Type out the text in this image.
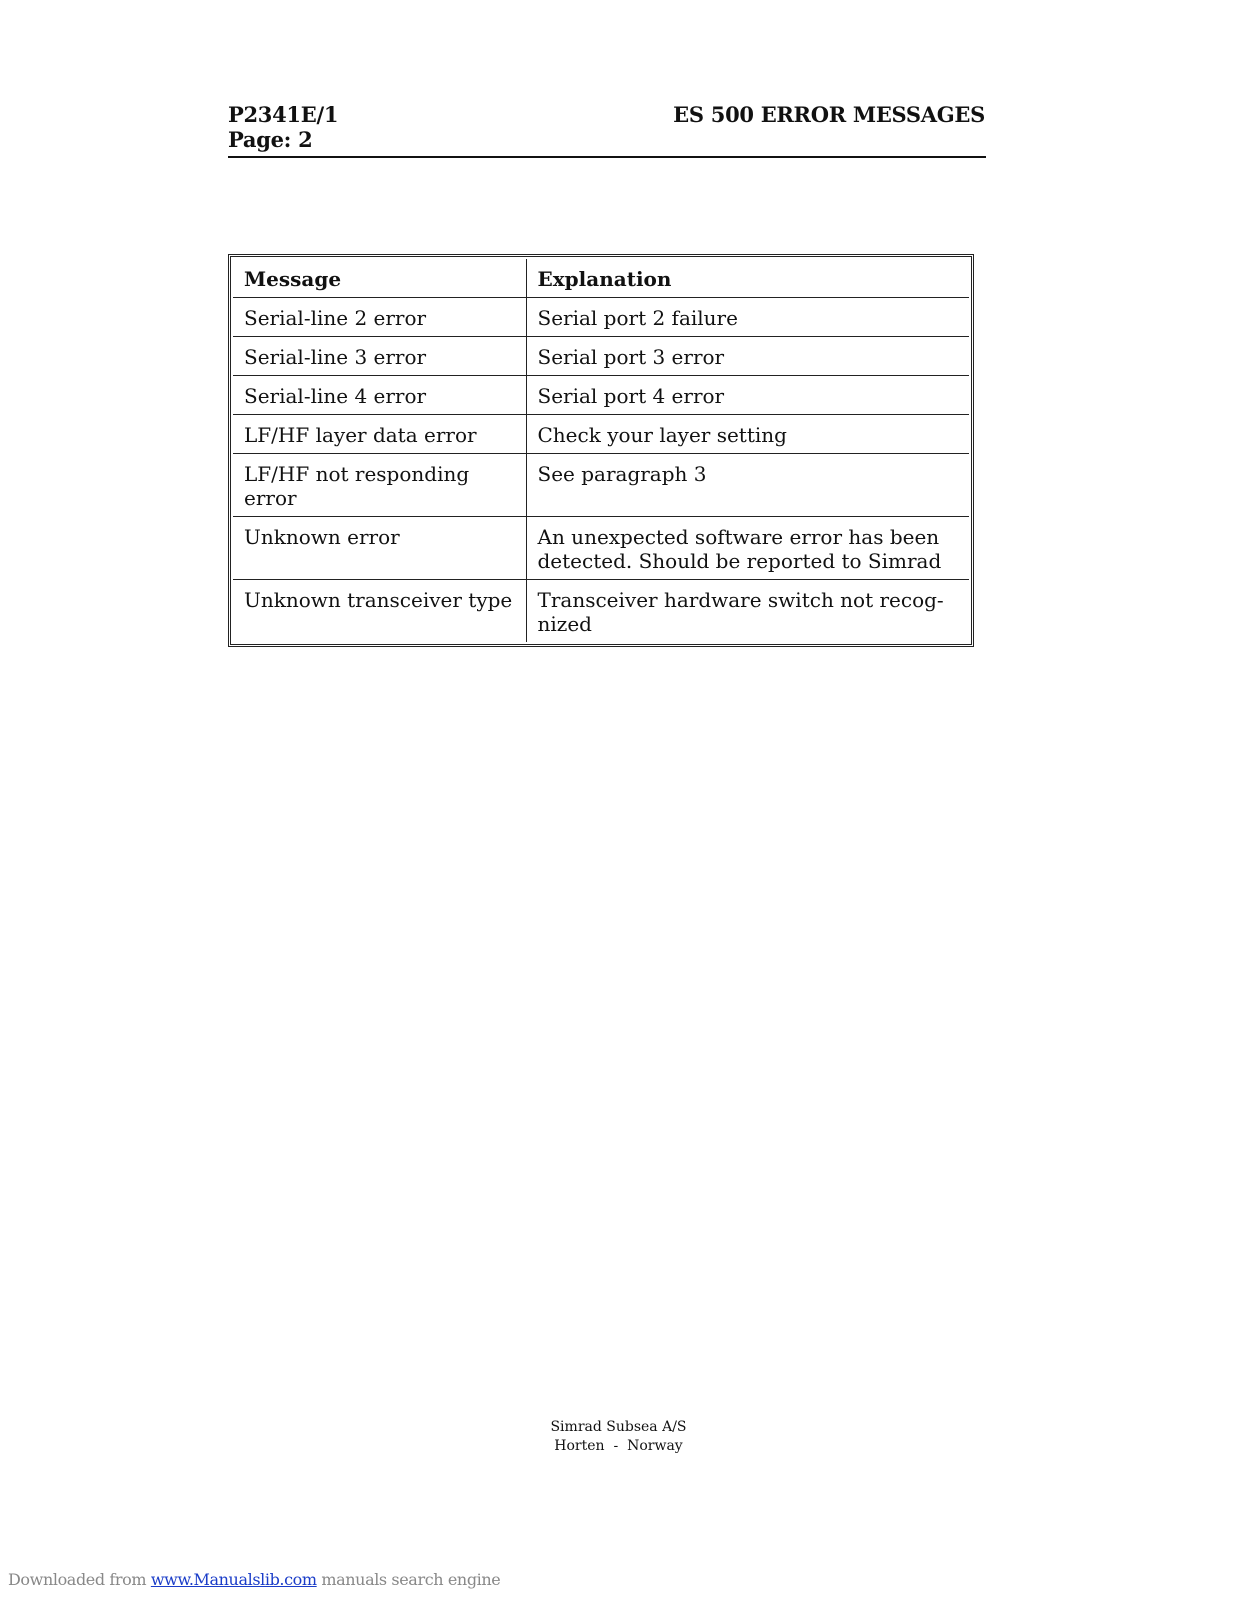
P2341E/1
Page: 2
ES 500 ERROR MESSAGES
Message	Explanation
Serial-line 2 error	Serial port 2 failure
Serial-line 3 error	Serial port 3 error
Serial-line 4 error	Serial port 4 error
LF/HF layer data error	Check your layer setting
LF/HF not responding error	See paragraph 3
Unknown error	An unexpected software error has been detected. Should be reported to Simrad
Unknown transceiver type	Transceiver hardware switch not recog-nized
Simrad Subsea A/S
Horten  -  Norway
Downloaded from www.Manualslib.com manuals search engine
